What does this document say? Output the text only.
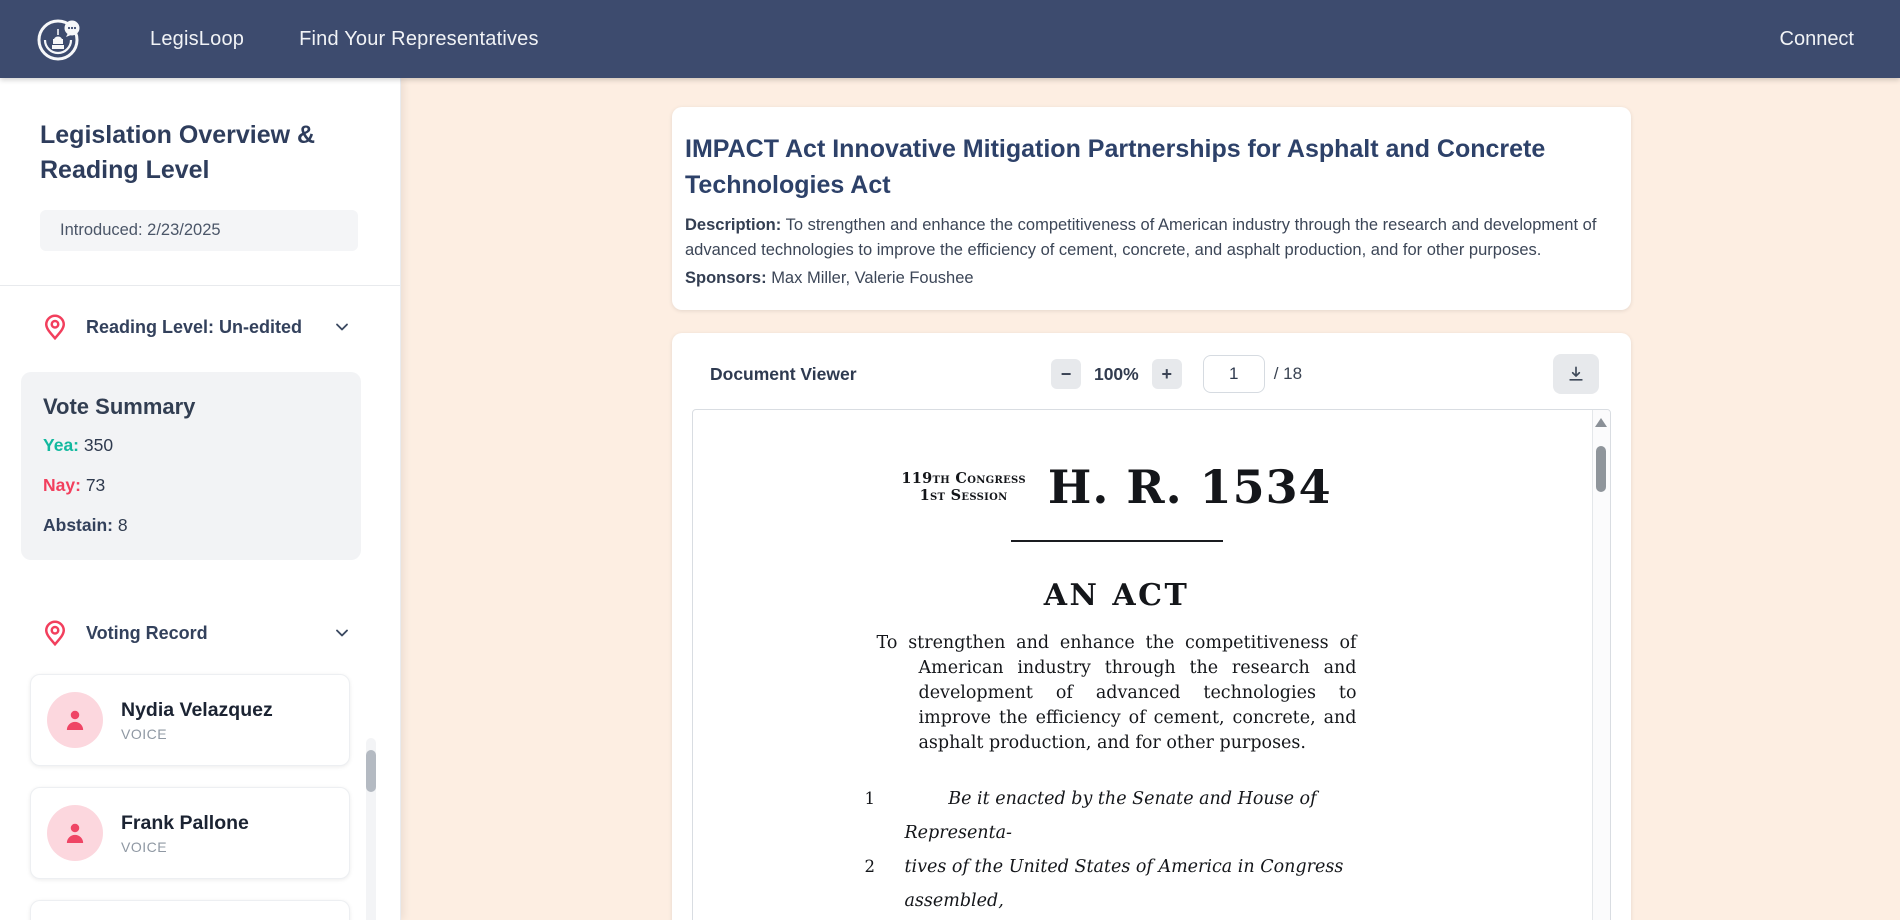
LegisLoop	Find Your Representatives	Connect
Legislation Overview & Reading Level
Introduced: 2/23/2025
Reading Level: Un-edited
Vote Summary
Yea: 350
Nay: 73
Abstain: 8
Voting Record
Nydia Velazquez
VOICE
Frank Pallone
VOICE
IMPACT Act Innovative Mitigation Partnerships for Asphalt and Concrete Technologies Act
Description: To strengthen and enhance the competitiveness of American industry through the research and development of advanced technologies to improve the efficiency of cement, concrete, and asphalt production, and for other purposes.
Sponsors: Max Miller, Valerie Foushee
Document Viewer	−	100%	+
1	/ 18
119th Congress
1st Session H. R. 1534
AN ACT
To strengthen and enhance the competitiveness of American industry through the research and development of advanced technologies to improve the efficiency of cement, concrete, and asphalt production, and for other purposes.
1	Be it enacted by the Senate and House of Representa-
2	tives of the United States of America in Congress assembled,
